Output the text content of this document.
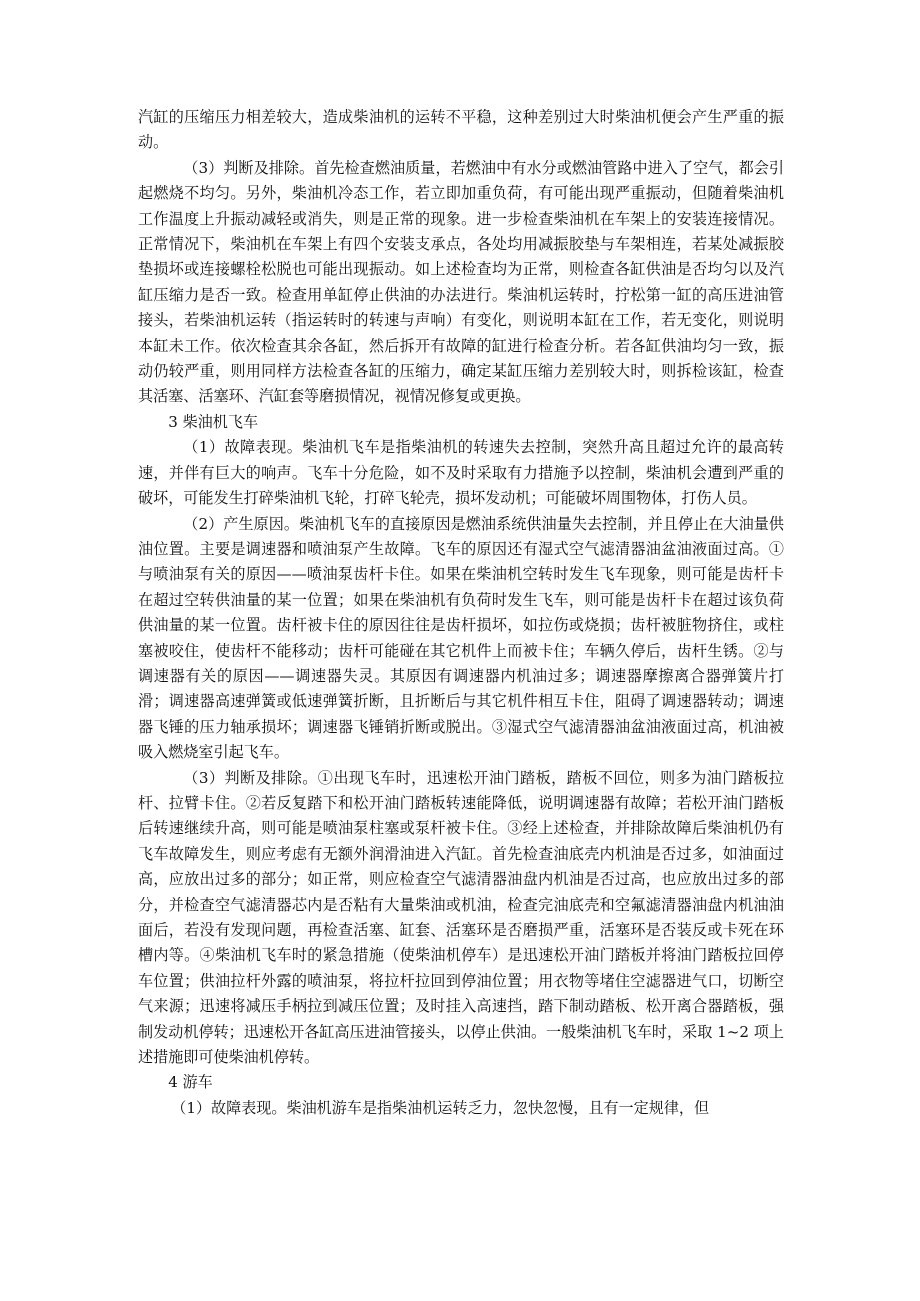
汽缸的压缩压力相差较大，造成柴油机的运转不平稳，这种差别过大时柴油机便会产生严重的振动。

（3）判断及排除。首先检查燃油质量，若燃油中有水分或燃油管路中进入了空气，都会引起燃烧不均匀。另外，柴油机冷态工作，若立即加重负荷，有可能出现严重振动，但随着柴油机工作温度上升振动减轻或消失，则是正常的现象。进一步检查柴油机在车架上的安装连接情况。正常情况下，柴油机在车架上有四个安装支承点，各处均用减振胶垫与车架相连，若某处减振胶垫损坏或连接螺栓松脱也可能出现振动。如上述检查均为正常，则检查各缸供油是否均匀以及汽缸压缩力是否一致。检查用单缸停止供油的办法进行。柴油机运转时，拧松第一缸的高压进油管接头，若柴油机运转（指运转时的转速与声响）有变化，则说明本缸在工作，若无变化，则说明本缸未工作。依次检查其余各缸，然后拆开有故障的缸进行检查分析。若各缸供油均匀一致，振动仍较严重，则用同样方法检查各缸的压缩力，确定某缸压缩力差别较大时，则拆检该缸，检查其活塞、活塞环、汽缸套等磨损情况，视情况修复或更换。

3 柴油机飞车

（1）故障表现。柴油机飞车是指柴油机的转速失去控制，突然升高且超过允许的最高转速，并伴有巨大的响声。飞车十分危险，如不及时采取有力措施予以控制，柴油机会遭到严重的破坏，可能发生打碎柴油机飞轮，打碎飞轮壳，损坏发动机；可能破坏周围物体，打伤人员。

（2）产生原因。柴油机飞车的直接原因是燃油系统供油量失去控制，并且停止在大油量供油位置。主要是调速器和喷油泵产生故障。飞车的原因还有湿式空气滤清器油盆油液面过高。①与喷油泵有关的原因——喷油泵齿杆卡住。如果在柴油机空转时发生飞车现象，则可能是齿杆卡在超过空转供油量的某一位置；如果在柴油机有负荷时发生飞车，则可能是齿杆卡在超过该负荷供油量的某一位置。齿杆被卡住的原因往往是齿杆损坏，如拉伤或烧损；齿杆被脏物挤住，或柱塞被咬住，使齿杆不能移动；齿杆可能碰在其它机件上而被卡住；车辆久停后，齿杆生锈。②与调速器有关的原因——调速器失灵。其原因有调速器内机油过多；调速器摩擦离合器弹簧片打滑；调速器高速弹簧或低速弹簧折断，且折断后与其它机件相互卡住，阻碍了调速器转动；调速器飞锤的压力轴承损坏；调速器飞锤销折断或脱出。③湿式空气滤清器油盆油液面过高，机油被吸入燃烧室引起飞车。

（3）判断及排除。①出现飞车时，迅速松开油门踏板，踏板不回位，则多为油门踏板拉杆、拉臂卡住。②若反复踏下和松开油门踏板转速能降低，说明调速器有故障；若松开油门踏板后转速继续升高，则可能是喷油泵柱塞或泵杆被卡住。③经上述检查，并排除故障后柴油机仍有飞车故障发生，则应考虑有无额外润滑油进入汽缸。首先检查油底壳内机油是否过多，如油面过高，应放出过多的部分；如正常，则应检查空气滤清器油盘内机油是否过高，也应放出过多的部分，并检查空气滤清器芯内是否粘有大量柴油或机油，检查完油底壳和空氟滤清器油盘内机油油面后，若没有发现问题，再检查活塞、缸套、活塞环是否磨损严重，活塞环是否装反或卡死在环槽内等。④柴油机飞车时的紧急措施（使柴油机停车）是迅速松开油门踏板并将油门踏板拉回停车位置；供油拉杆外露的喷油泵，将拉杆拉回到停油位置；用衣物等堵住空滤器进气口，切断空气来源；迅速将减压手柄拉到减压位置；及时挂入高速挡，踏下制动踏板、松开离合器踏板，强制发动机停转；迅速松开各缸高压进油管接头，以停止供油。一般柴油机飞车时，采取 1~2 项上述措施即可使柴油机停转。

4 游车

（1）故障表现。柴油机游车是指柴油机运转乏力，忽快忽慢，且有一定规律，但
